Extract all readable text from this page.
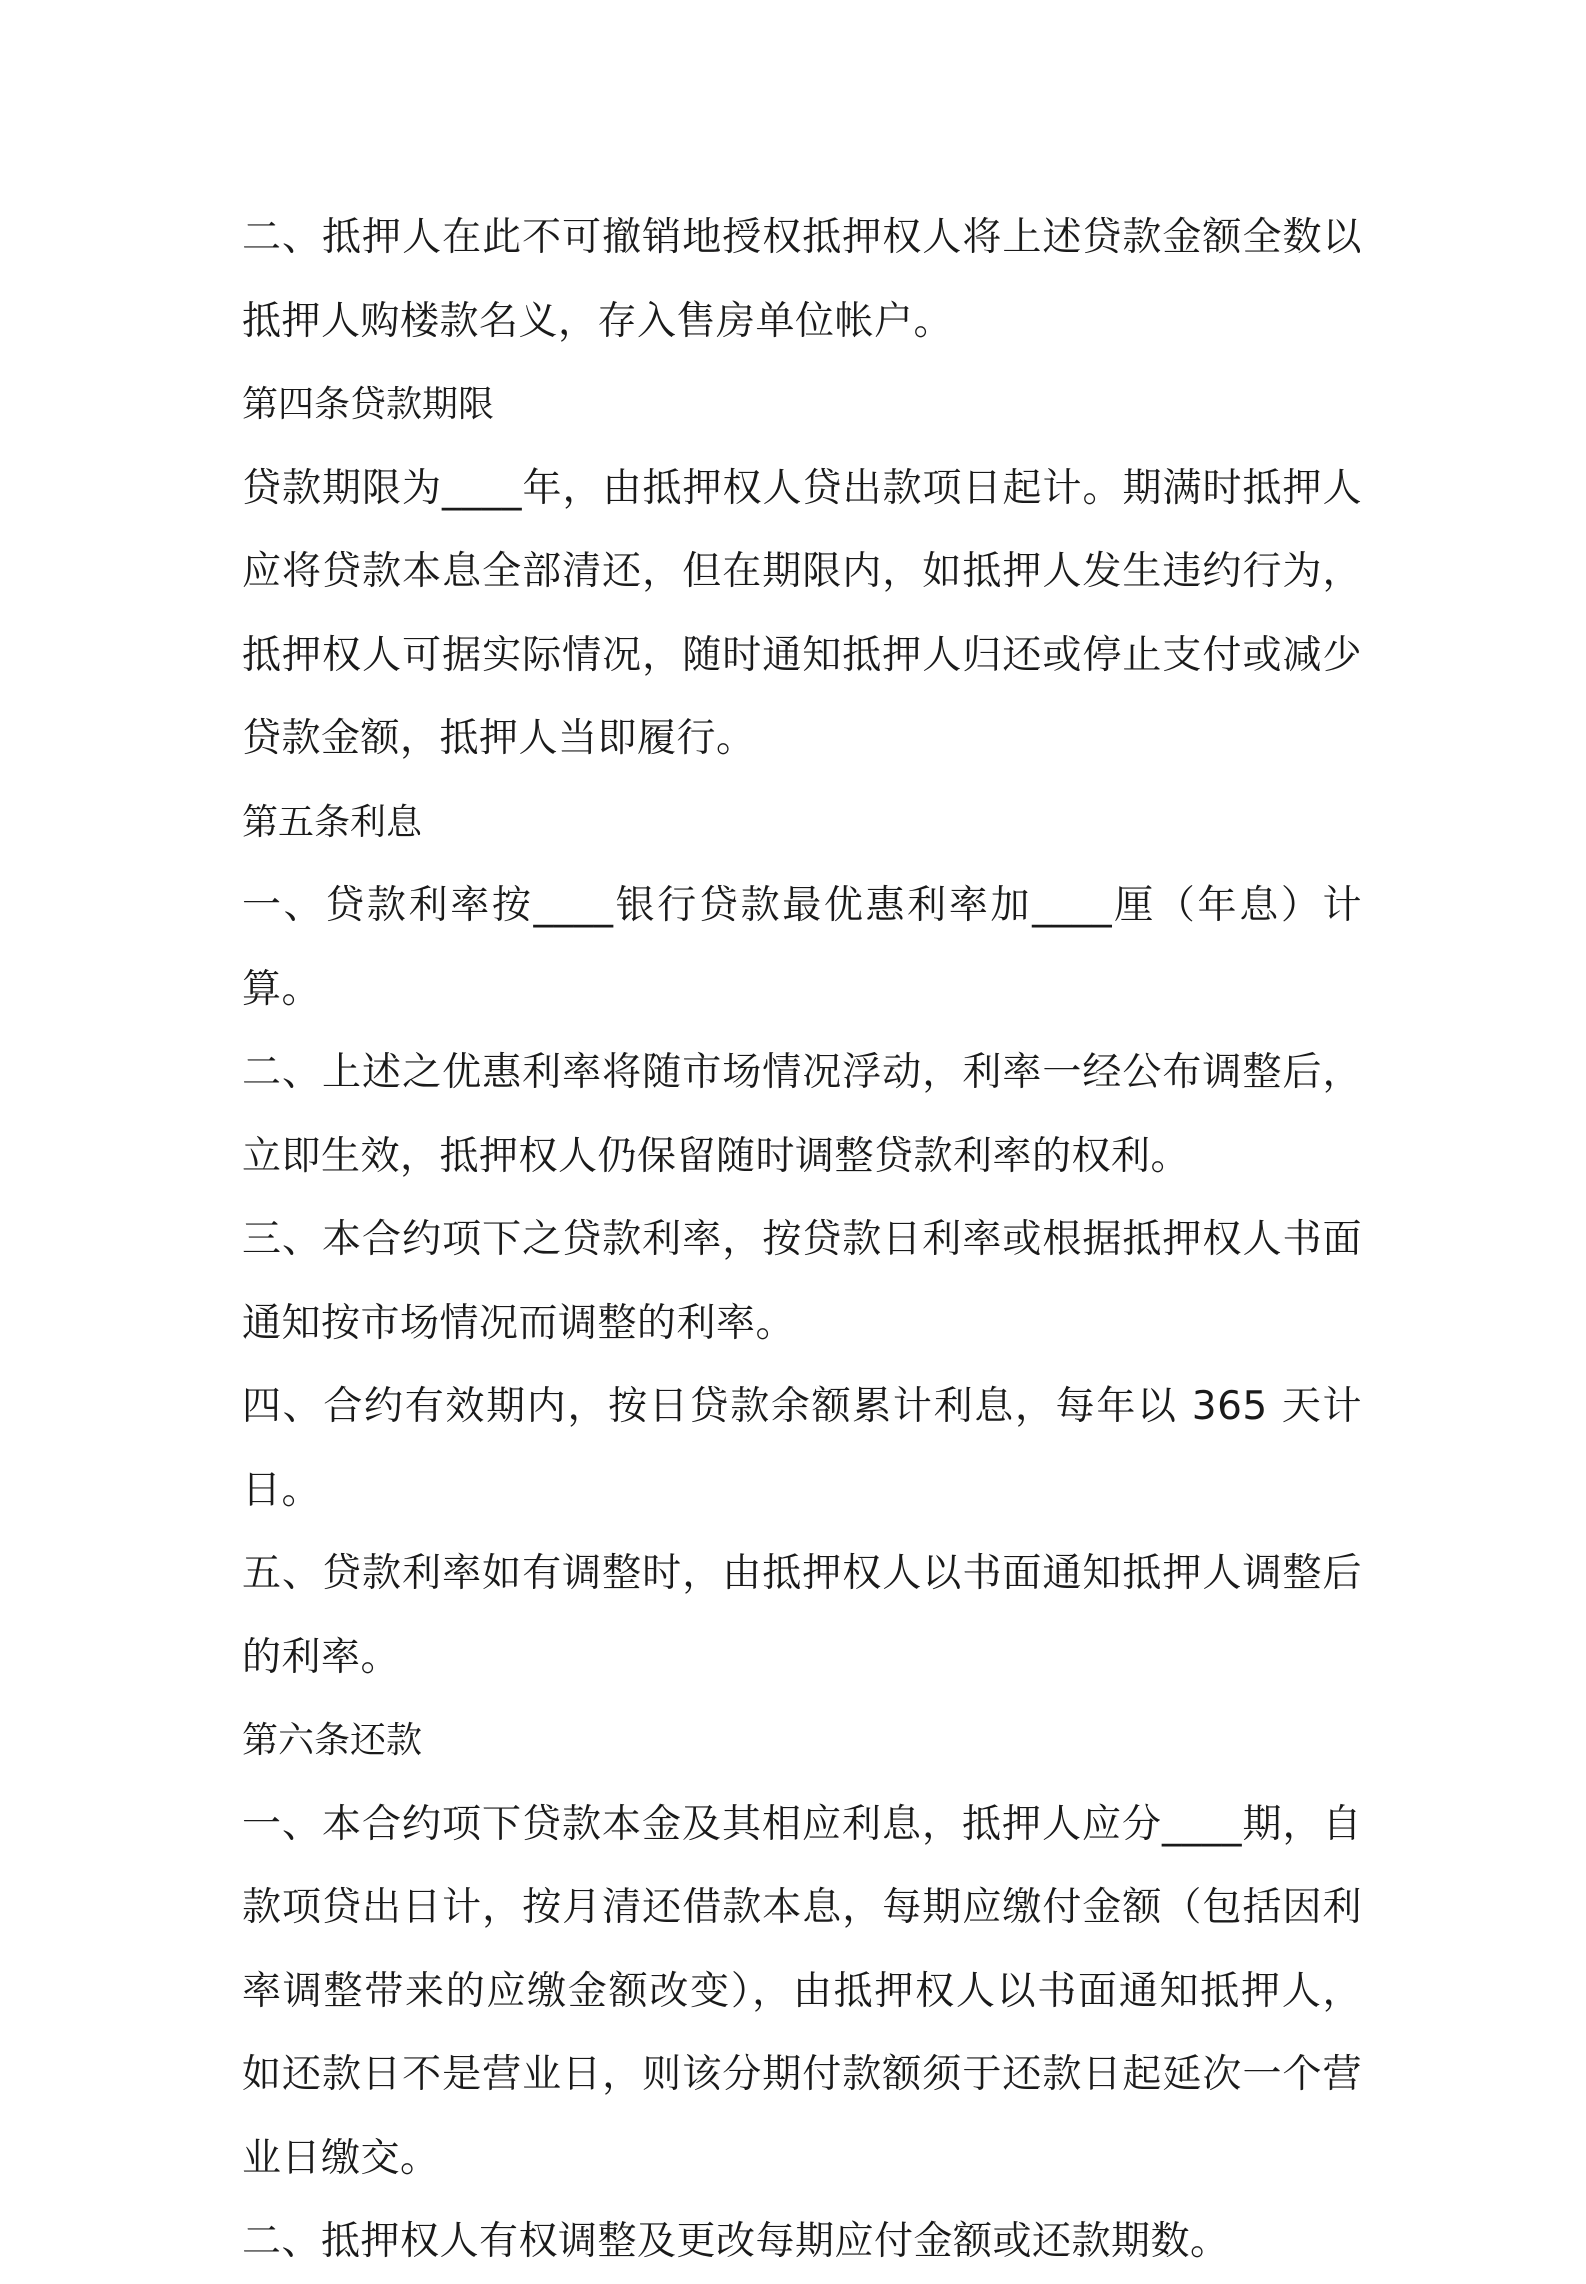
二、抵押人在此不可撤销地授权抵押权人将上述贷款金额全数以抵押人购楼款名义，存入售房单位帐户。

第四条贷款期限

贷款期限为____年，由抵押权人贷出款项日起计。期满时抵押人应将贷款本息全部清还，但在期限内，如抵押人发生违约行为，抵押权人可据实际情况，随时通知抵押人归还或停止支付或减少贷款金额，抵押人当即履行。

第五条利息

一、贷款利率按____银行贷款最优惠利率加____厘（年息）计算。

二、上述之优惠利率将随市场情况浮动，利率一经公布调整后，立即生效，抵押权人仍保留随时调整贷款利率的权利。

三、本合约项下之贷款利率，按贷款日利率或根据抵押权人书面通知按市场情况而调整的利率。

四、合约有效期内，按日贷款余额累计利息，每年以 365 天计日。

五、贷款利率如有调整时，由抵押权人以书面通知抵押人调整后的利率。

第六条还款

一、本合约项下贷款本金及其相应利息，抵押人应分____期，自款项贷出日计，按月清还借款本息，每期应缴付金额（包括因利率调整带来的应缴金额改变），由抵押权人以书面通知抵押人，如还款日不是营业日，则该分期付款额须于还款日起延次一个营业日缴交。

二、抵押权人有权调整及更改每期应付金额或还款期数。
